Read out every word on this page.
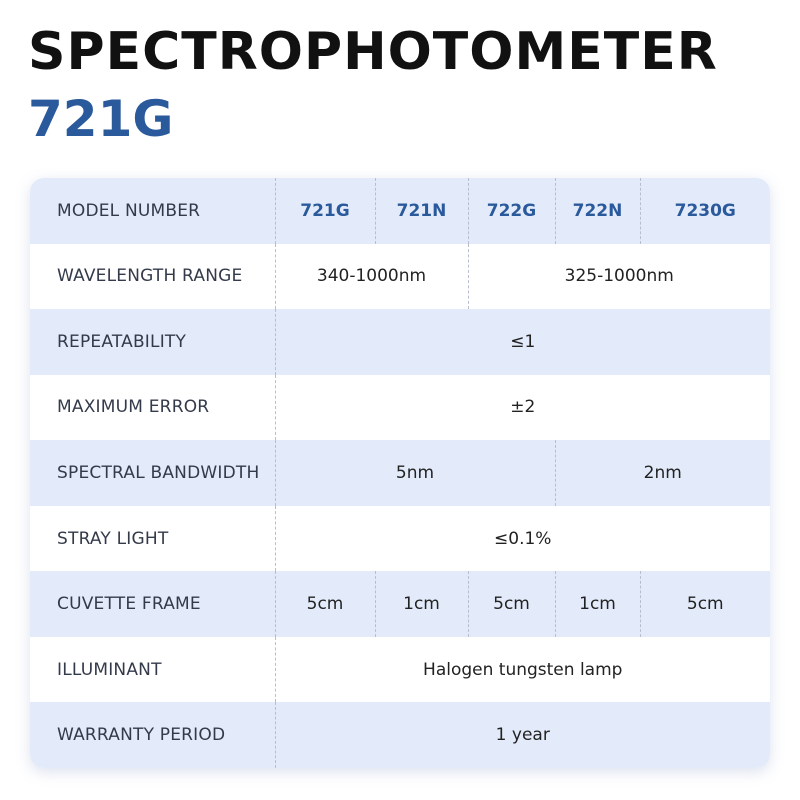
SPECTROPHOTOMETER
721G
MODEL NUMBER	721G	721N	722G	722N	7230G
WAVELENGTH RANGE	340-1000nm		325-1000nm		
REPEATABILITY	≤1				
MAXIMUM ERROR	±2				
SPECTRAL BANDWIDTH	5nm			2nm	
STRAY LIGHT	≤0.1%				
CUVETTE FRAME	5cm	1cm	5cm	1cm	5cm
ILLUMINANT	Halogen tungsten lamp				
WARRANTY PERIOD	1 year				
